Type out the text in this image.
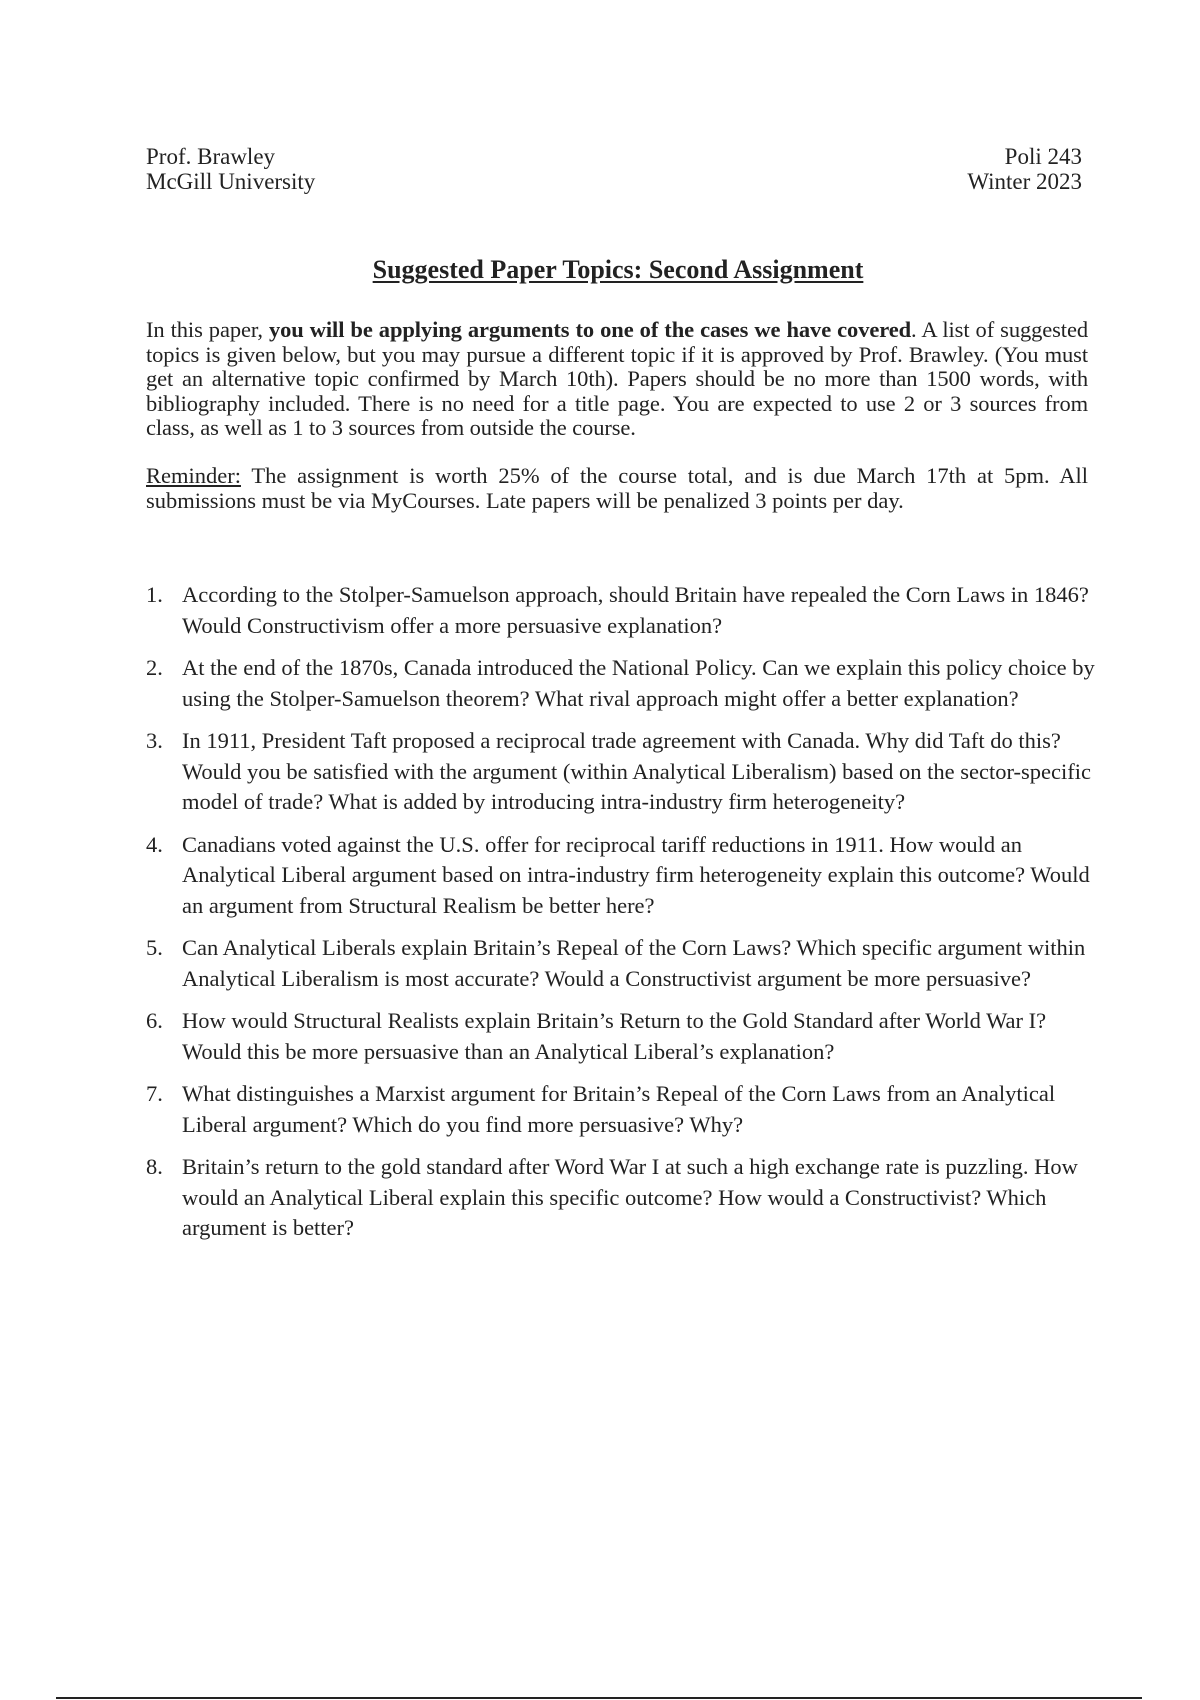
Prof. Brawley
McGill University
Poli 243
Winter 2023
Suggested Paper Topics: Second Assignment

In this paper, you will be applying arguments to one of the cases we have covered. A list of suggested topics is given below, but you may pursue a different topic if it is approved by Prof. Brawley. (You must get an alternative topic confirmed by March 10th). Papers should be no more than 1500 words, with bibliography included. There is no need for a title page. You are expected to use 2 or 3 sources from class, as well as 1 to 3 sources from outside the course.

Reminder: The assignment is worth 25% of the course total, and is due March 17th at 5pm. All submissions must be via MyCourses. Late papers will be penalized 3 points per day.

1. According to the Stolper-Samuelson approach, should Britain have repealed the Corn Laws in 1846? Would Constructivism offer a more persuasive explanation?
2. At the end of the 1870s, Canada introduced the National Policy. Can we explain this policy choice by using the Stolper-Samuelson theorem? What rival approach might offer a better explanation?
3. In 1911, President Taft proposed a reciprocal trade agreement with Canada. Why did Taft do this? Would you be satisfied with the argument (within Analytical Liberalism) based on the sector-specific model of trade? What is added by introducing intra-industry firm heterogeneity?
4. Canadians voted against the U.S. offer for reciprocal tariff reductions in 1911. How would an Analytical Liberal argument based on intra-industry firm heterogeneity explain this outcome? Would an argument from Structural Realism be better here?
5. Can Analytical Liberals explain Britain’s Repeal of the Corn Laws? Which specific argument within Analytical Liberalism is most accurate? Would a Constructivist argument be more persuasive?
6. How would Structural Realists explain Britain’s Return to the Gold Standard after World War I? Would this be more persuasive than an Analytical Liberal’s explanation?
7. What distinguishes a Marxist argument for Britain’s Repeal of the Corn Laws from an Analytical Liberal argument? Which do you find more persuasive? Why?
8. Britain’s return to the gold standard after Word War I at such a high exchange rate is puzzling. How would an Analytical Liberal explain this specific outcome? How would a Constructivist? Which argument is better?
